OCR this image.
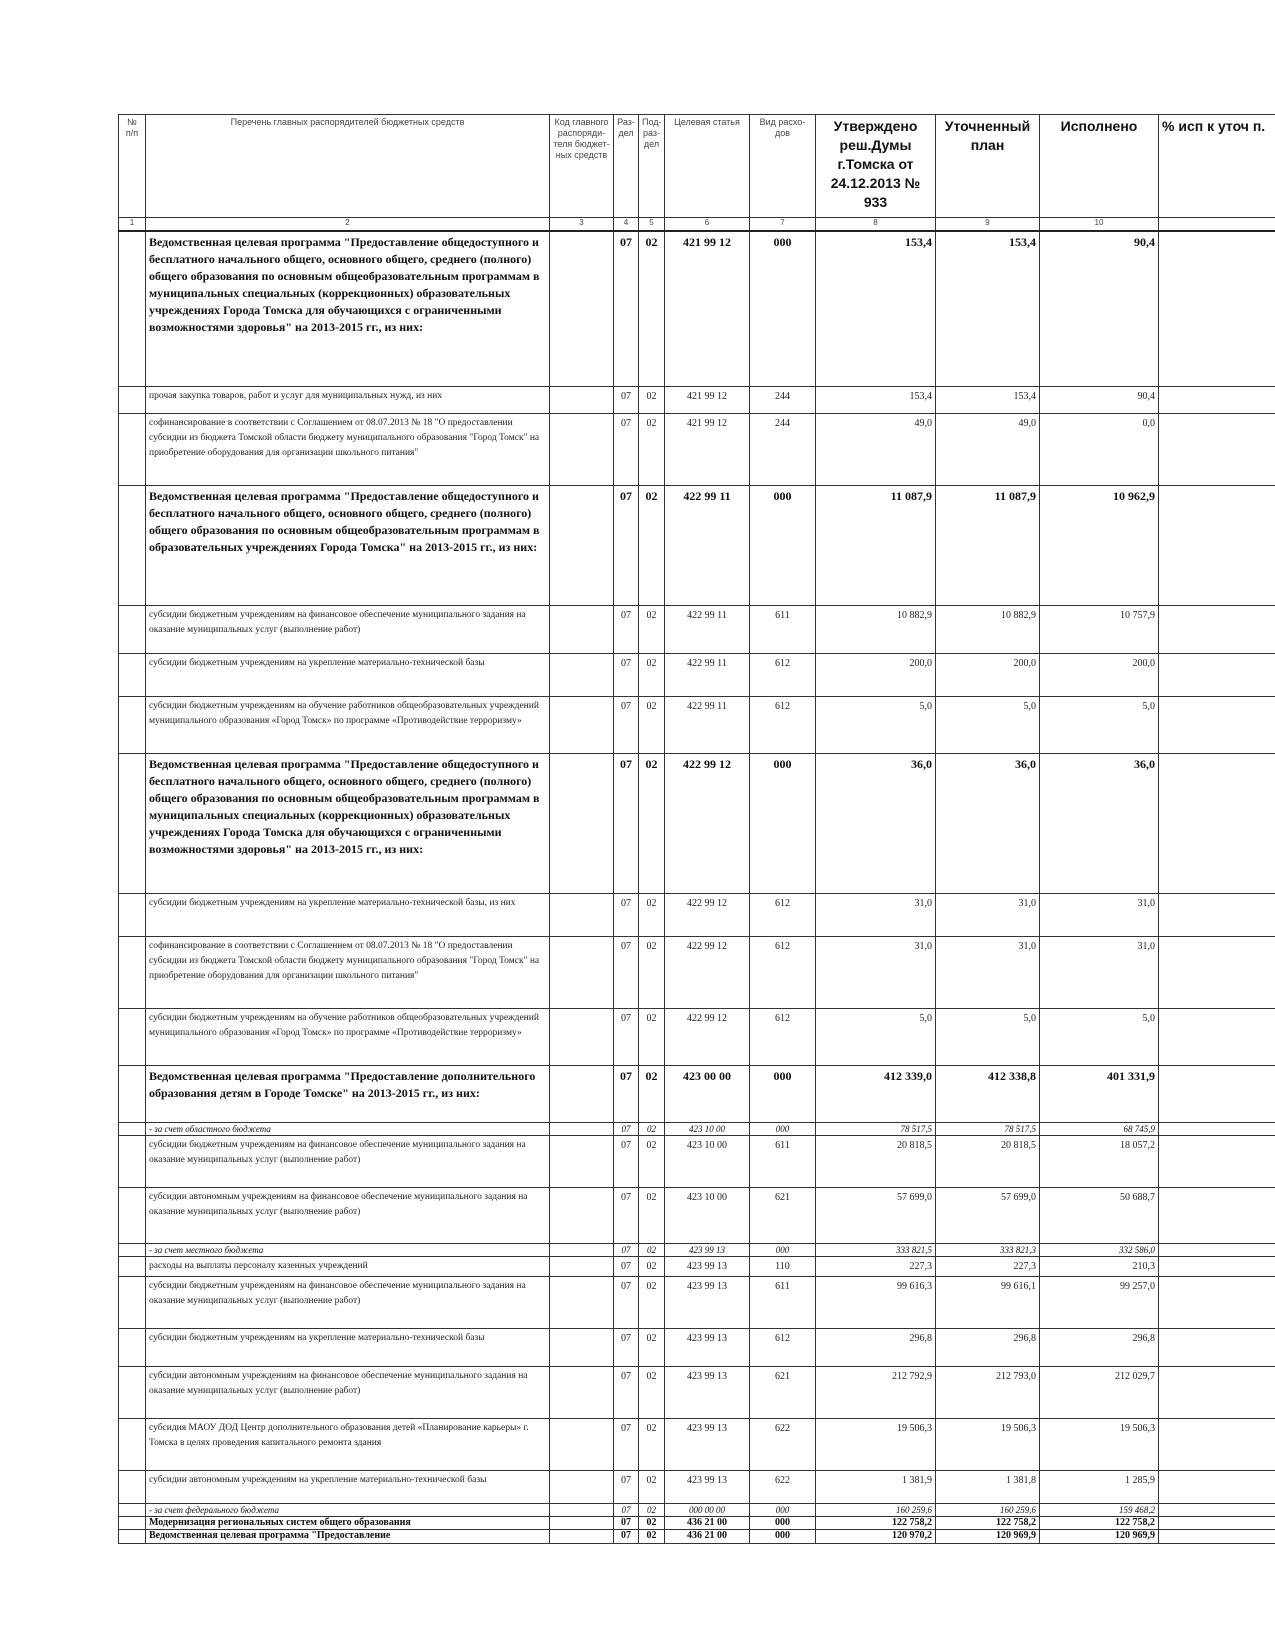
№
п/п	Перечень главных распорядителей бюджетных средств	Код главного распоряди-теля бюджет-ных средств	Раз-дел	Под-раз-дел	Целевая статья	Вид расхо-дов	Утверждено реш.Думы г.Томска от 24.12.2013 № 933	Уточненный план	Исполнено	% исп к уточ п.
1	2	3	4	5	6	7	8	9	10	
	Ведомственная целевая программа "Предоставление общедоступного и бесплатного начального общего, основного общего, среднего (полного) общего образования по основным общеобразовательным программам в муниципальных специальных (коррекционных) образовательных учреждениях Города Томска для обучающихся с ограниченными возможностями здоровья" на 2013-2015 гг., из них:		07	02	421 99 12	000	153,4	153,4	90,4	
	прочая закупка товаров, работ и услуг для муниципальных нужд, из них		07	02	421 99 12	244	153,4	153,4	90,4	
	софинансирование в соответствии с Соглашением от 08.07.2013 № 18 "О предоставлении субсидии из бюджета Томской области бюджету муниципального образования "Город Томск" на приобретение оборудования для организации школьного питания"		07	02	421 99 12	244	49,0	49,0	0,0	
	Ведомственная целевая программа "Предоставление общедоступного и бесплатного начального общего, основного общего, среднего (полного) общего образования по основным общеобразовательным программам в образовательных учреждениях Города Томска" на 2013-2015 гг., из них:		07	02	422 99 11	000	11 087,9	11 087,9	10 962,9	
	субсидии бюджетным учреждениям на финансовое обеспечение муниципального задания на оказание муниципальных услуг (выполнение работ)		07	02	422 99 11	611	10 882,9	10 882,9	10 757,9	
	субсидии бюджетным учреждениям на укрепление материально-технической базы		07	02	422 99 11	612	200,0	200,0	200,0	
	субсидии бюджетным учреждениям на обучение работников общеобразовательных учреждений муниципального образования «Город Томск» по программе «Противодействие терроризму»		07	02	422 99 11	612	5,0	5,0	5,0	
	Ведомственная целевая программа "Предоставление общедоступного и бесплатного начального общего, основного общего, среднего (полного) общего образования по основным общеобразовательным программам в муниципальных специальных (коррекционных) образовательных учреждениях Города Томска для обучающихся с ограниченными возможностями здоровья" на 2013-2015 гг., из них:		07	02	422 99 12	000	36,0	36,0	36,0	
	субсидии бюджетным учреждениям на укрепление материально-технической базы, из них		07	02	422 99 12	612	31,0	31,0	31,0	
	софинансирование в соответствии с Соглашением от 08.07.2013 № 18 "О предоставлении субсидии из бюджета Томской области бюджету муниципального образования "Город Томск" на приобретение оборудования для организации школьного питания"		07	02	422 99 12	612	31,0	31,0	31,0	
	субсидии бюджетным учреждениям на обучение работников общеобразовательных учреждений муниципального образования «Город Томск» по программе «Противодействие терроризму»		07	02	422 99 12	612	5,0	5,0	5,0	
	Ведомственная целевая программа "Предоставление дополнительного образования детям в Городе Томске" на 2013-2015 гг., из них:		07	02	423 00 00	000	412 339,0	412 338,8	401 331,9	
	- за счет областного бюджета		07	02	423 10 00	000	78 517,5	78 517,5	68 745,9	
	субсидии бюджетным учреждениям на финансовое обеспечение муниципального задания на оказание муниципальных услуг (выполнение работ)		07	02	423 10 00	611	20 818,5	20 818,5	18 057,2	
	субсидии автономным учреждениям на финансовое обеспечение муниципального задания на оказание муниципальных услуг (выполнение работ)		07	02	423 10 00	621	57 699,0	57 699,0	50 688,7	
	- за счет местного бюджета		07	02	423 99 13	000	333 821,5	333 821,3	332 586,0	
	расходы на выплаты персоналу казенных учреждений		07	02	423 99 13	110	227,3	227,3	210,3	
	субсидии бюджетным учреждениям на финансовое обеспечение муниципального задания на оказание муниципальных услуг (выполнение работ)		07	02	423 99 13	611	99 616,3	99 616,1	99 257,0	
	субсидии бюджетным учреждениям на укрепление материально-технической базы		07	02	423 99 13	612	296,8	296,8	296,8	
	субсидии автономным учреждениям на финансовое обеспечение муниципального задания на оказание муниципальных услуг (выполнение работ)		07	02	423 99 13	621	212 792,9	212 793,0	212 029,7	
	субсидия МАОУ ДОД Центр дополнительного образования детей «Планирование карьеры» г. Томска в целях проведения капитального ремонта здания		07	02	423 99 13	622	19 506,3	19 506,3	19 506,3	
	субсидии автономным учреждениям на укрепление материально-технической базы		07	02	423 99 13	622	1 381,9	1 381,8	1 285,9	
	- за счет федерального бюджета		07	02	000 00 00	000	160 259,6	160 259,6	159 468,2	
	Модернизация региональных систем общего образования		07	02	436 21 00	000	122 758,2	122 758,2	122 758,2	
	Ведомственная целевая программа "Предоставление		07	02	436 21 00	000	120 970,2	120 969,9	120 969,9	
